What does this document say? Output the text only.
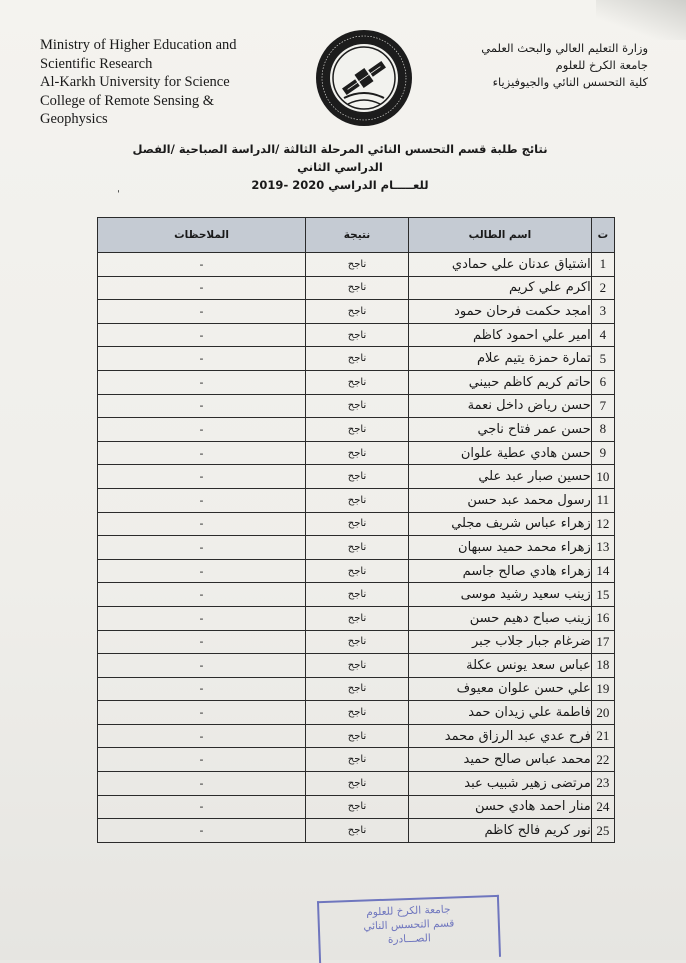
Ministry of Higher Education and
Scientific Research
Al-Karkh University for Science
College of Remote Sensing &
Geophysics
وزارة التعليم العالي والبحث العلمي
جامعة الكرخ للعلوم
كلية التحسس النائي والجيوفيزياء
نتائج طلبة قسم التحسس النائي المرحلة الثالثة /الدراسة الصباحية /الفصل الدراسي الثاني
للعـــــام الدراسي 2020 -2019
ˈ
ت	اسم الطالب	نتيجة	الملاحظات
1	اشتياق عدنان علي حمادي	ناجح	-
2	اكرم علي كريم	ناجح	-
3	امجد حكمت فرحان حمود	ناجح	-
4	امير علي احمود كاظم	ناجح	-
5	تمارة حمزة يتيم علام	ناجح	-
6	حاتم كريم كاظم حبيني	ناجح	-
7	حسن رياض داخل نعمة	ناجح	-
8	حسن عمر فتاح ناجي	ناجح	-
9	حسن هادي عطية علوان	ناجح	-
10	حسين صبار عبد علي	ناجح	-
11	رسول محمد عبد حسن	ناجح	-
12	زهراء عباس شريف مجلي	ناجح	-
13	زهراء محمد حميد سبهان	ناجح	-
14	زهراء هادي صالح جاسم	ناجح	-
15	زينب سعيد رشيد موسى	ناجح	-
16	زينب صباح دهيم حسن	ناجح	-
17	ضرغام جبار جلاب جبر	ناجح	-
18	عباس سعد يونس عكلة	ناجح	-
19	علي حسن علوان معيوف	ناجح	-
20	فاطمة علي زيدان حمد	ناجح	-
21	فرح عدي عبد الرزاق محمد	ناجح	-
22	محمد عباس صالح حميد	ناجح	-
23	مرتضى زهير شبيب عبد	ناجح	-
24	منار احمد هادي حسن	ناجح	-
25	نور كريم فالح كاظم	ناجح	-
جامعة الكرخ للعلوم
قسم التحسس النائي
الصـــادرة
